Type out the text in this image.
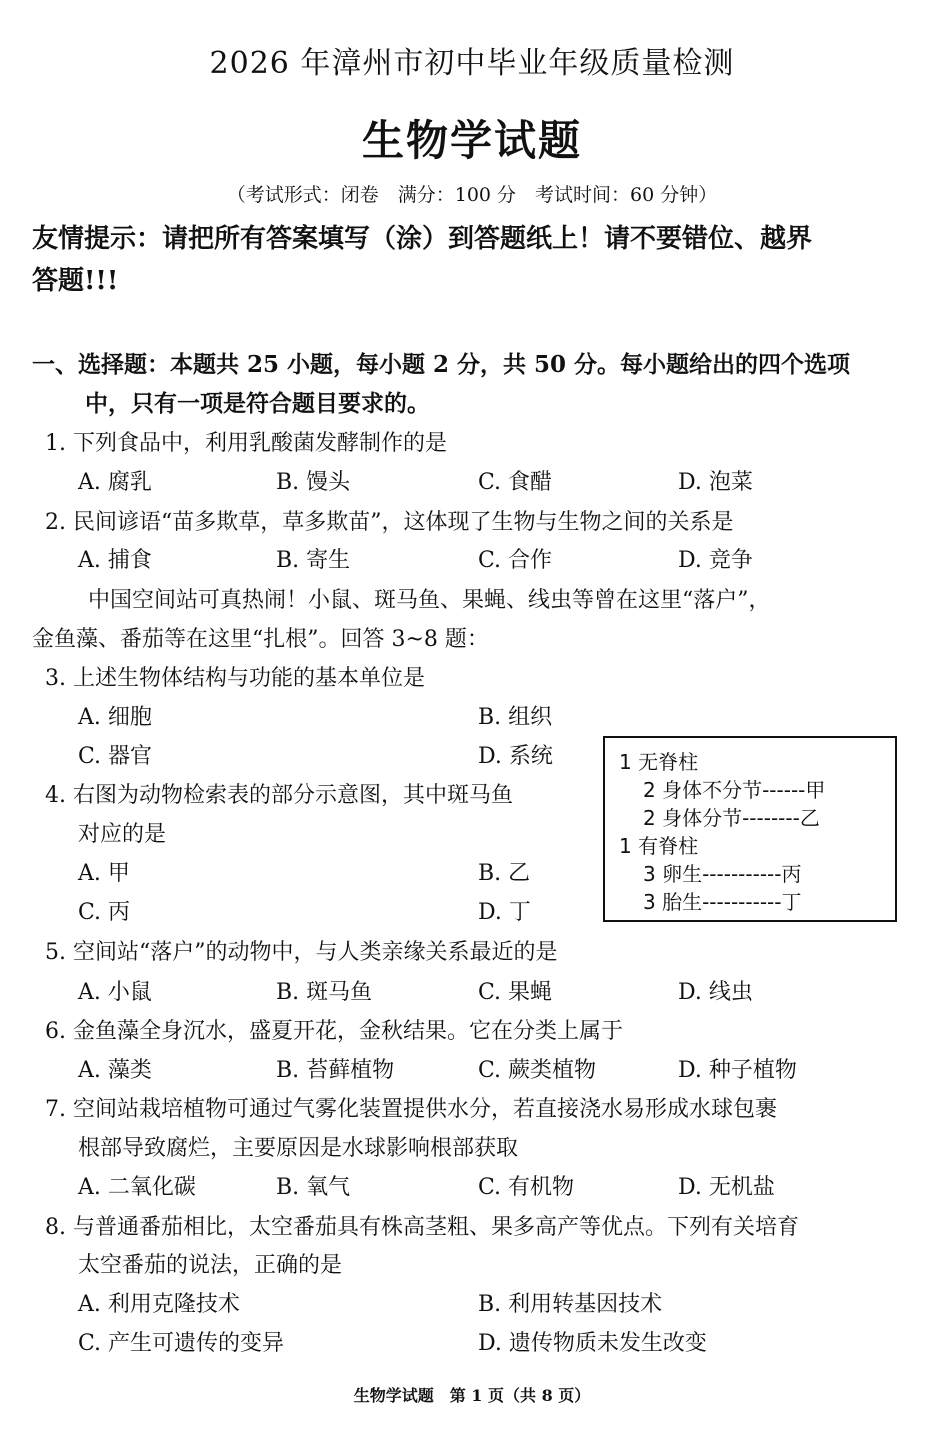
2026 年漳州市初中毕业年级质量检测
生物学试题
（考试形式：闭卷　满分：100 分　考试时间：60 分钟）
友情提示：请把所有答案填写（涂）到答题纸上！请不要错位、越界
答题!!!
一、选择题：本题共 25 小题，每小题 2 分，共 50 分。每小题给出的四个选项
中，只有一项是符合题目要求的。
1. 下列食品中，利用乳酸菌发酵制作的是
A. 腐乳	B. 馒头	C. 食醋	D. 泡菜
2. 民间谚语“苗多欺草，草多欺苗”，这体现了生物与生物之间的关系是
A. 捕食	B. 寄生	C. 合作	D. 竞争
中国空间站可真热闹！小鼠、斑马鱼、果蝇、线虫等曾在这里“落户”，
金鱼藻、番茄等在这里“扎根”。回答 3~8 题：
3. 上述生物体结构与功能的基本单位是
A. 细胞	B. 组织
C. 器官	D. 系统	1 无脊柱
2 身体不分节------甲
2 身体分节--------乙
1 有脊柱
3 卵生-----------丙
3 胎生-----------丁
4. 右图为动物检索表的部分示意图，其中斑马鱼
对应的是
A. 甲	B. 乙
C. 丙	D. 丁
5. 空间站“落户”的动物中，与人类亲缘关系最近的是
A. 小鼠	B. 斑马鱼	C. 果蝇	D. 线虫
6. 金鱼藻全身沉水，盛夏开花，金秋结果。它在分类上属于
A. 藻类	B. 苔藓植物	C. 蕨类植物	D. 种子植物
7. 空间站栽培植物可通过气雾化装置提供水分，若直接浇水易形成水球包裹
根部导致腐烂，主要原因是水球影响根部获取
A. 二氧化碳	B. 氧气	C. 有机物	D. 无机盐
8. 与普通番茄相比，太空番茄具有株高茎粗、果多高产等优点。下列有关培育
太空番茄的说法，正确的是
A. 利用克隆技术	B. 利用转基因技术
C. 产生可遗传的变异	D. 遗传物质未发生改变
生物学试题　第 1 页（共 8 页）
